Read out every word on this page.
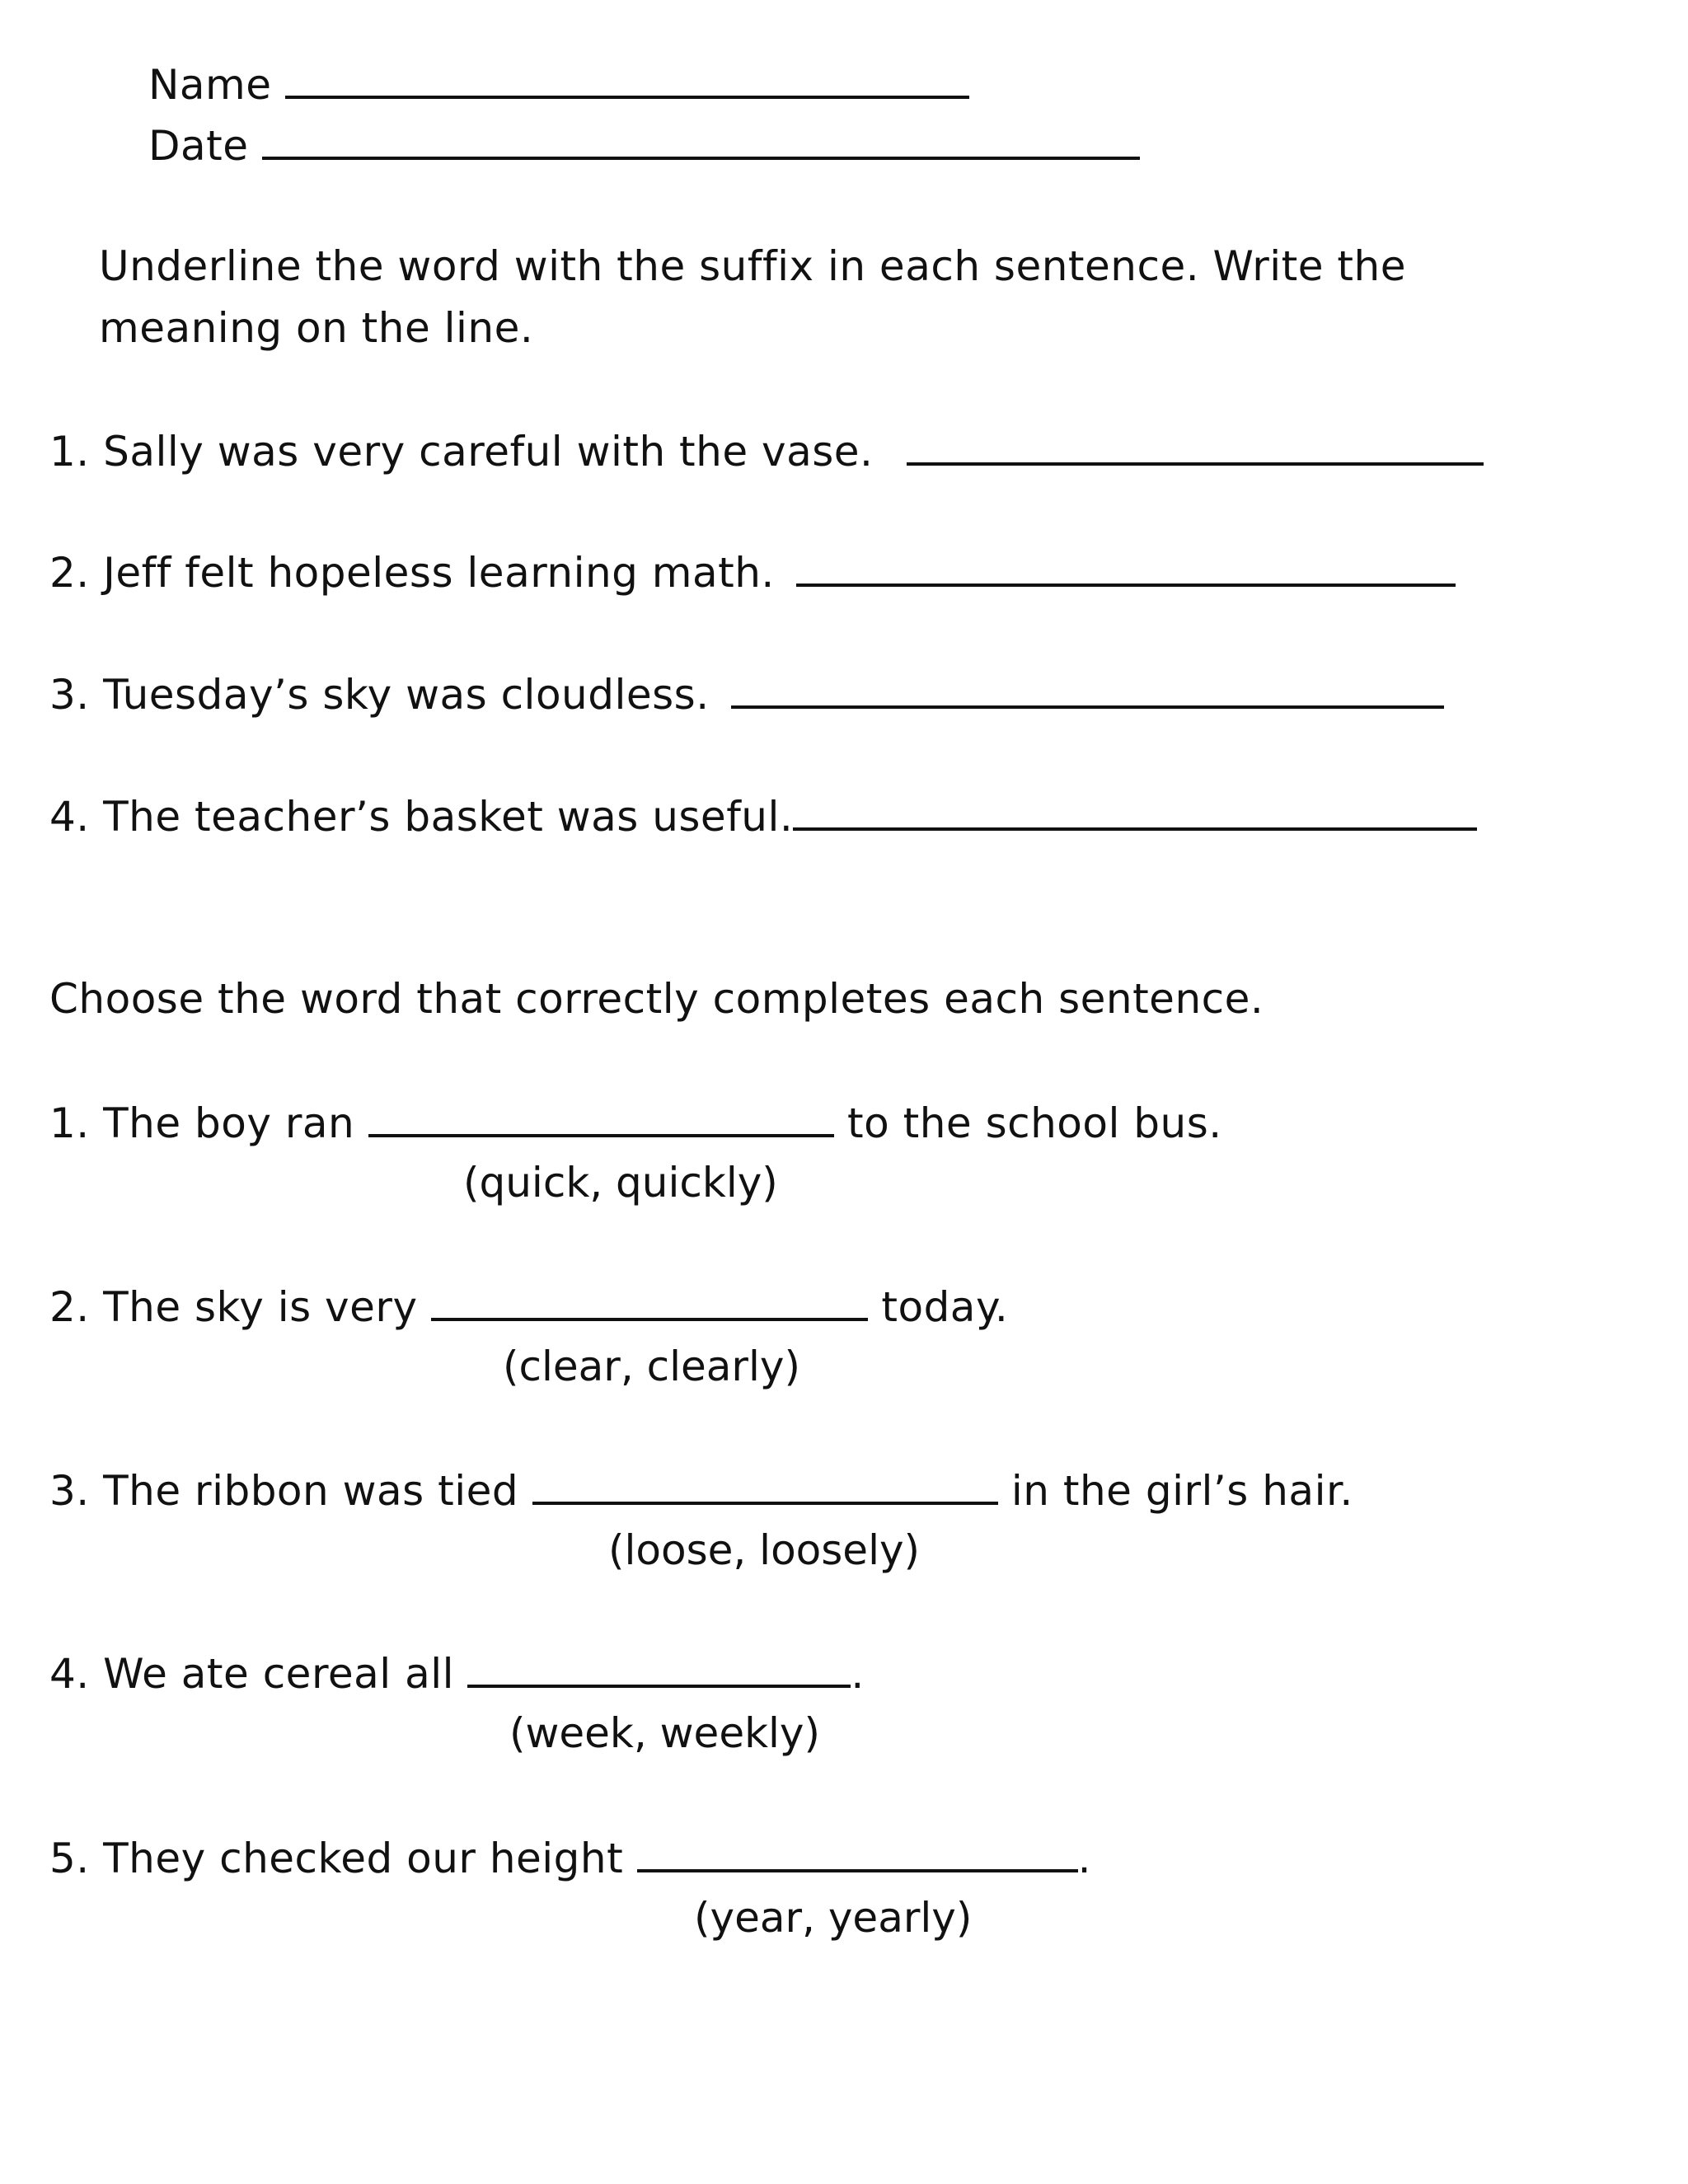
Name
Date
Underline the word with the suffix in each sentence. Write the
meaning on the line.
1. Sally was very careful with the vase.
2. Jeff felt hopeless learning math.
3. Tuesday’s sky was cloudless.
4. The teacher’s basket was useful.
Choose the word that correctly completes each sentence.
1. The boy ran	to the school bus.
(quick, quickly)
2. The sky is very	today.
(clear, clearly)
3. The ribbon was tied	in the girl’s hair.
(loose, loosely)
4. We ate cereal all	.
(week, weekly)
5. They checked our height	.
(year, yearly)
